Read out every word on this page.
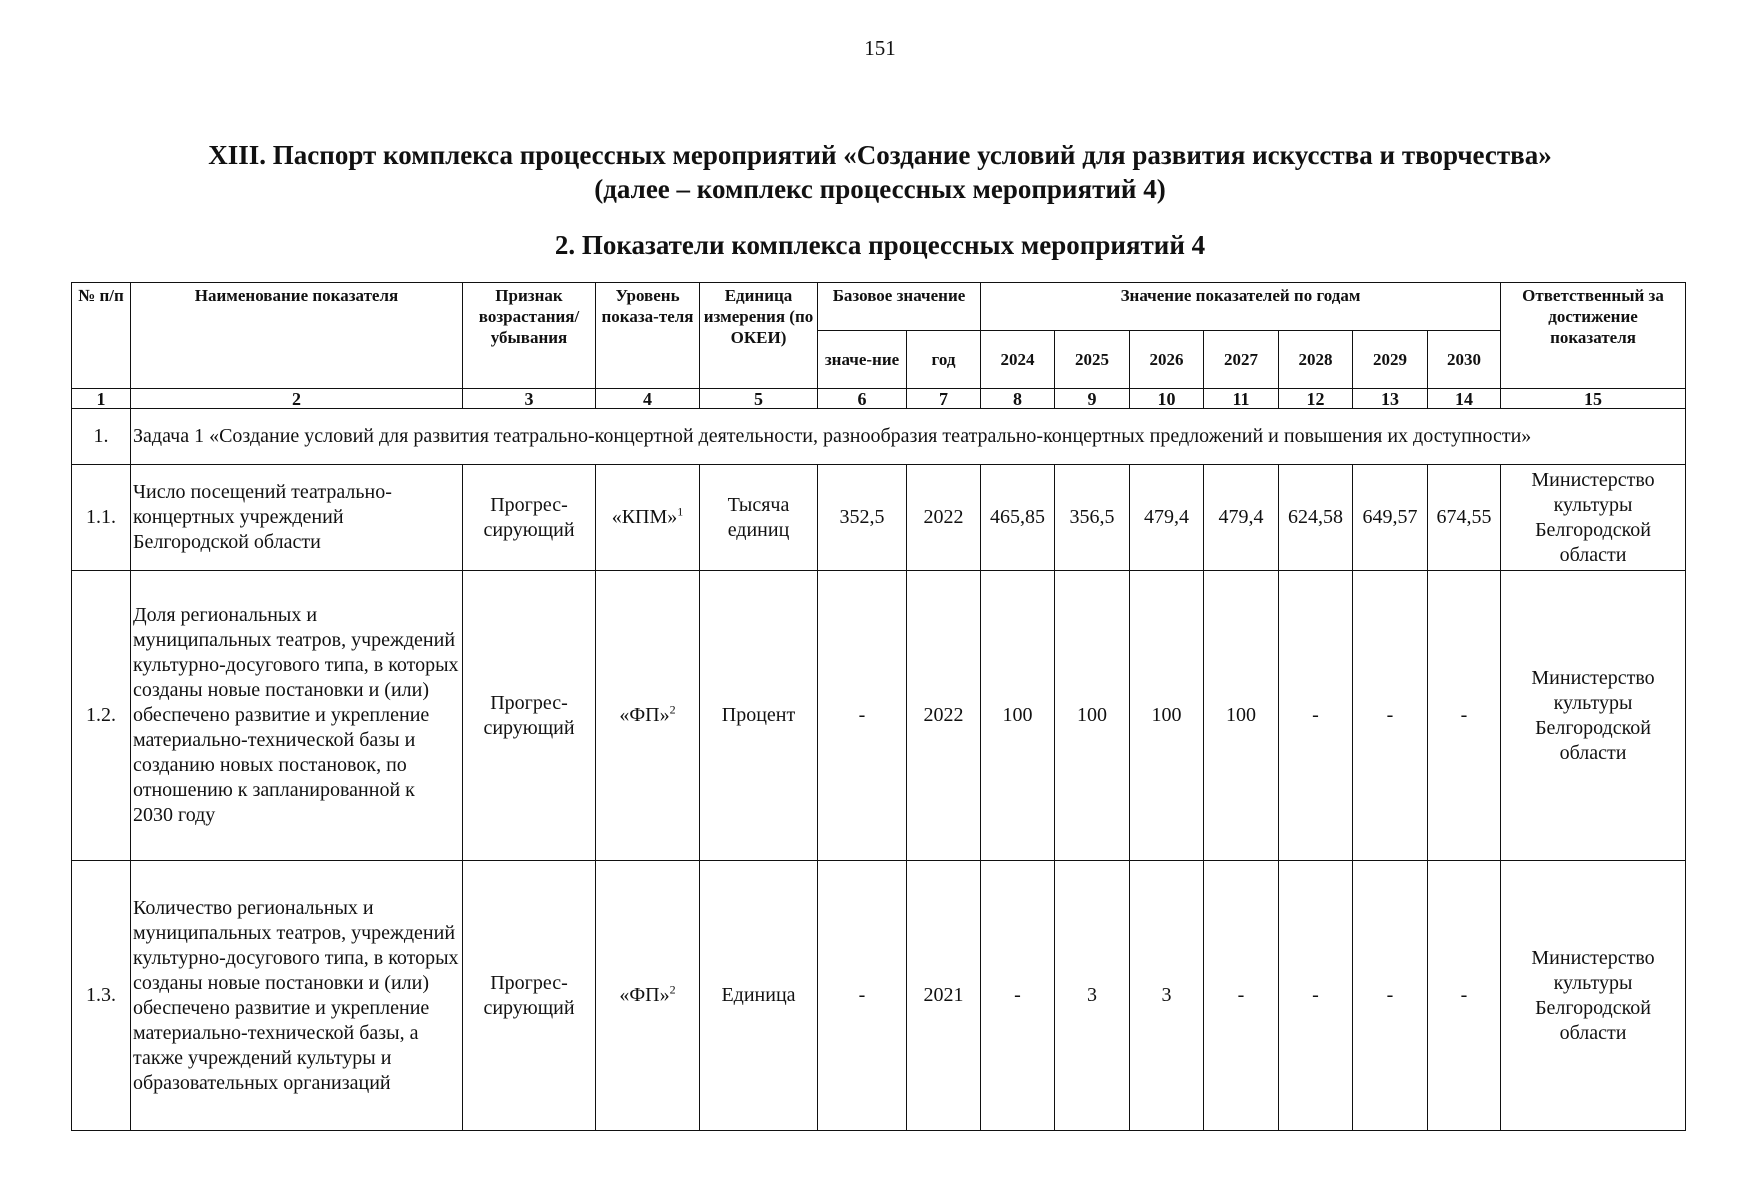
151
XIII. Паспорт комплекса процессных мероприятий «Создание условий для развития искусства и творчества»
(далее – комплекс процессных мероприятий 4)
2. Показатели комплекса процессных мероприятий 4
№ п/п	Наименование показателя	Признак возрастания/ убывания	Уровень показа-теля	Единица измерения (по ОКЕИ)	Базовое значение		Значение показателей по годам							Ответственный за достижение показателя
					значе-ние	год	2024	2025	2026	2027	2028	2029	2030	
1	2	3	4	5	6	7	8	9	10	11	12	13	14	15
1.	Задача 1 «Создание условий для развития театрально-концертной деятельности, разнообразия театрально-концертных предложений и повышения их доступности»													
1.1.	Число посещений театрально-концертных учреждений Белгородской области	Прогрес-сирующий	«КПМ»$^1$	Тысяча единиц	352,5	2022	465,85	356,5	479,4	479,4	624,58	649,57	674,55	Министерство культуры Белгородской области
1.2.	Доля региональных и муниципальных театров, учреждений культурно-досугового типа, в которых созданы новые постановки и (или) обеспечено развитие и укрепление материально-технической базы и созданию новых постановок, по отношению к запланированной к 2030 году	Прогрес-сирующий	«ФП»$^2$	Процент	-	2022	100	100	100	100	-	-	-	Министерство культуры Белгородской области
1.3.	Количество региональных и муниципальных театров, учреждений культурно-досугового типа, в которых созданы новые постановки и (или) обеспечено развитие и укрепление материально-технической базы, а также учреждений культуры и образовательных организаций	Прогрес-сирующий	«ФП»$^2$	Единица	-	2021	-	3	3	-	-	-	-	Министерство культуры Белгородской области
